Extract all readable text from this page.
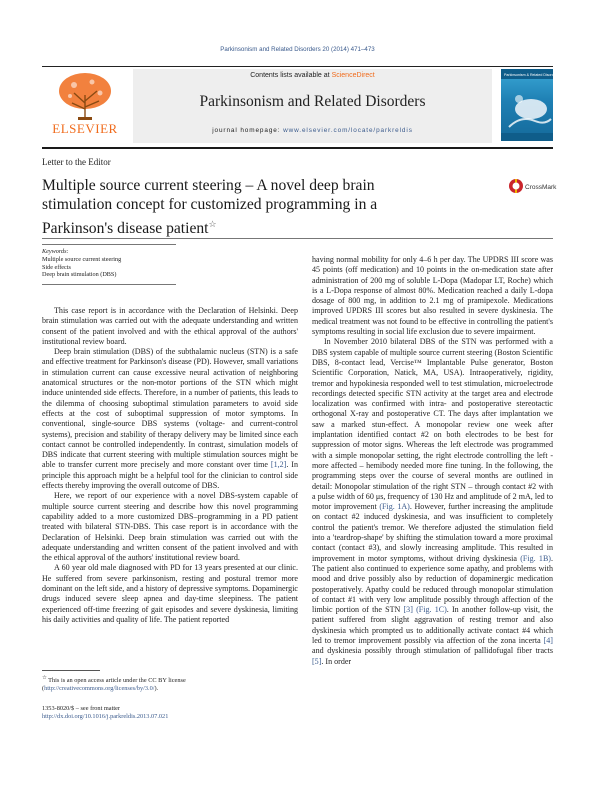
Parkinsonism and Related Disorders 20 (2014) 471–473
ELSEVIER
Contents lists available at ScienceDirect
Parkinsonism and Related Disorders
journal homepage: www.elsevier.com/locate/parkreldis
Parkinsonism & Related Disorders
Letter to the Editor
Multiple source current steering – A novel deep brain stimulation concept for customized programming in a Parkinson's disease patient☆
CrossMark
Keywords:
Multiple source current steering
Side effects
Deep brain stimulation (DBS)

This case report is in accordance with the Declaration of Helsinki. Deep brain stimulation was carried out with the adequate understanding and written consent of the patient involved and with the ethical approval of the authors' institutional review board.

Deep brain stimulation (DBS) of the subthalamic nucleus (STN) is a safe and effective treatment for Parkinson's disease (PD). However, small variations in stimulation current can cause excessive neural activation of neighboring anatomical structures or the non-motor portions of the STN which might induce unintended side effects. Therefore, in a number of patients, this leads to the dilemma of choosing suboptimal stimulation parameters to avoid side effects at the cost of suboptimal suppression of motor symptoms. In conventional, single-source DBS systems (voltage- and current-control systems), precision and stability of therapy delivery may be limited since each contact cannot be controlled independently. In contrast, simulation models of DBS indicate that current steering with multiple stimulation sources might be able to transfer current more precisely and more constant over time [1,2]. In principle this approach might be a helpful tool for the clinician to control side effects thereby improving the overall outcome of DBS.

Here, we report of our experience with a novel DBS-system capable of multiple source current steering and describe how this novel programming capability added to a more customized DBS–programming in a PD patient treated with bilateral STN-DBS. This case report is in accordance with the Declaration of Helsinki. Deep brain stimulation was carried out with the adequate understanding and written consent of the patient involved and with the ethical approval of the authors' institutional review board.

A 60 year old male diagnosed with PD for 13 years presented at our clinic. He suffered from severe parkinsonism, resting and postural tremor more dominant on the left side, and a history of depressive symptoms. Dopaminergic drugs induced severe sleep apnea and day-time sleepiness. The patient experienced off-time freezing of gait episodes and severe dyskinesia, limiting his daily activities and quality of life. The patient reported

having normal mobility for only 4–6 h per day. The UPDRS III score was 45 points (off medication) and 10 points in the on-medication state after administration of 200 mg of soluble L-Dopa (Madopar LT, Roche) which is a L-Dopa response of almost 80%. Medication reached a daily L-dopa dosage of 800 mg, in addition to 2.1 mg of pramipexole. Medications improved UPDRS III scores but also resulted in severe dyskinesia. The medical treatment was not found to be effective in controlling the patient's symptoms resulting in social life exclusion due to severe impairment.

In November 2010 bilateral DBS of the STN was performed with a DBS system capable of multiple source current steering (Boston Scientific DBS, 8-contact lead, Vercise™ Implantable Pulse generator, Boston Scientific Corporation, Natick, MA, USA). Intraoperatively, rigidity, tremor and hypokinesia responded well to test stimulation, microelectrode recordings detected specific STN activity at the target area and electrode localization was confirmed with intra- and postoperative stereotactic orthogonal X-ray and postoperative CT. The days after implantation we saw a marked stun-effect. A monopolar review one week after implantation identified contact #2 on both electrodes to be best for suppression of motor signs. Whereas the left electrode was programmed with a simple monopolar setting, the right electrode controlling the left - more affected – hemibody needed more fine tuning. In the following, the programming steps over the course of several months are outlined in detail: Monopolar stimulation of the right STN – through contact #2 with a pulse width of 60 μs, frequency of 130 Hz and amplitude of 2 mA, led to motor improvement (Fig. 1A). However, further increasing the amplitude on contact #2 induced dyskinesia, and was insufficient to completely control the patient's tremor. We therefore adjusted the stimulation field into a 'teardrop-shape' by shifting the stimulation toward a more proximal contact (contact #3), and slowly increasing amplitude. This resulted in improvement in motor symptoms, without driving dyskinesia (Fig. 1B). The patient also continued to experience some apathy, and problems with mood and drive possibly also by reduction of dopaminergic medication postoperatively. Apathy could be reduced through monopolar stimulation of contact #1 with very low amplitude possibly through affection of the limbic portion of the STN [3] (Fig. 1C). In another follow-up visit, the patient suffered from slight aggravation of resting tremor and also dyskinesia which prompted us to additionally activate contact #4 which led to tremor improvement possibly via affection of the zona incerta [4] and dyskinesia possibly through stimulation of pallidofugal fiber tracts [5]. In order

☆ This is an open access article under the CC BY license (http://creativecommons.org/licenses/by/3.0/).
1353-8020/$ – see front matter
http://dx.doi.org/10.1016/j.parkreldis.2013.07.021
